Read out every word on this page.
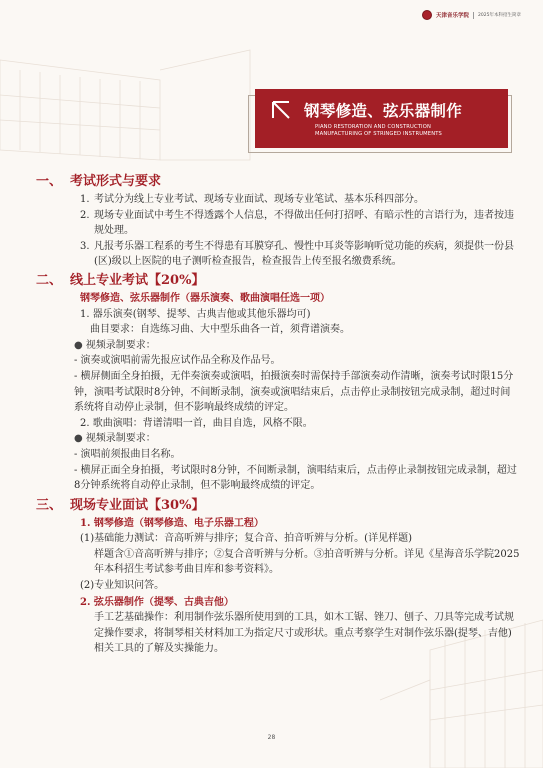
天津音乐学院 2025年本科招生简章
钢琴修造、弦乐器制作
PIANO RESTORATION AND CONSTRUCTION
MANUFACTURING OF STRINGED INSTRUMENTS
一、 考试形式与要求
1. 考试分为线上专业考试、现场专业面试、现场专业笔试、基本乐科四部分。
2. 现场专业面试中考生不得透露个人信息，不得做出任何打招呼、有暗示性的言语行为，违者按违规处理。
3. 凡报考乐器工程系的考生不得患有耳膜穿孔、慢性中耳炎等影响听觉功能的疾病，须提供一份县(区)级以上医院的电子测听检查报告，检查报告上传至报名缴费系统。
二、 线上专业考试【20%】
钢琴修造、弦乐器制作（器乐演奏、歌曲演唱任选一项）
1. 器乐演奏(钢琴、提琴、古典吉他或其他乐器均可)
曲目要求：自选练习曲、大中型乐曲各一首，须背谱演奏。
● 视频录制要求：
- 演奏或演唱前需先报应试作品全称及作品号。
- 横屏侧面全身拍摄，无伴奏演奏或演唱，拍摄演奏时需保持手部演奏动作清晰，演奏考试时限15分钟，演唱考试限时8分钟，不间断录制，演奏或演唱结束后，点击停止录制按钮完成录制，超过时间系统将自动停止录制，但不影响最终成绩的评定。
2. 歌曲演唱：背谱清唱一首，曲目自选，风格不限。
● 视频录制要求：
- 演唱前须报曲目名称。
- 横屏正面全身拍摄，考试限时8分钟，不间断录制，演唱结束后，点击停止录制按钮完成录制，超过8分钟系统将自动停止录制，但不影响最终成绩的评定。
三、 现场专业面试【30%】
1. 钢琴修造（钢琴修造、电子乐器工程）
(1)基础能力测试：音高听辨与排序；复合音、拍音听辨与分析。(详见样题)
样题含①音高听辨与排序；②复合音听辨与分析。③拍音听辨与分析。详见《星海音乐学院2025年本科招生考试参考曲目库和参考资料》。
(2)专业知识问答。
2. 弦乐器制作（提琴、古典吉他）
手工艺基础操作：利用制作弦乐器所使用到的工具，如木工锯、锉刀、刨子、刀具等完成考试规定操作要求，将制琴相关材料加工为指定尺寸或形状。重点考察学生对制作弦乐器(提琴、吉他)相关工具的了解及实操能力。
28
